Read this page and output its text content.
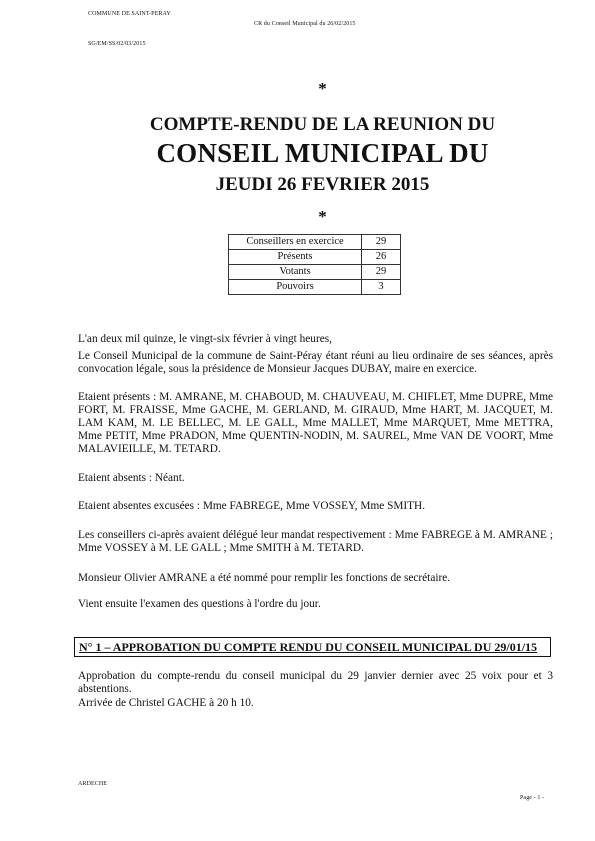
COMMUNE DE SAINT-PERAY
CR du Conseil Municipal du 26/02/2015
SG/EM/SS/02/03/2015
*
COMPTE-RENDU DE LA REUNION DU
CONSEIL MUNICIPAL DU
JEUDI 26 FEVRIER 2015
*
Conseillers en exercice	29
Présents	26
Votants	29
Pouvoirs	3
L'an deux mil quinze, le vingt-six février à vingt heures,
Le Conseil Municipal de la commune de Saint-Péray étant réuni au lieu ordinaire de ses séances, après convocation légale, sous la présidence de Monsieur Jacques DUBAY, maire en exercice.
Etaient présents : M. AMRANE, M. CHABOUD, M. CHAUVEAU, M. CHIFLET, Mme DUPRE, Mme FORT, M. FRAISSE, Mme GACHE, M. GERLAND, M. GIRAUD, Mme HART, M. JACQUET, M. LAM KAM, M. LE BELLEC, M. LE GALL, Mme MALLET, Mme MARQUET, Mme METTRA, Mme PETIT, Mme PRADON, Mme QUENTIN-NODIN, M. SAUREL, Mme VAN DE VOORT, Mme MALAVIEILLE, M. TETARD.
Etaient absents : Néant.
Etaient absentes excusées : Mme FABREGE, Mme VOSSEY, Mme SMITH.
Les conseillers ci-après avaient délégué leur mandat respectivement : Mme FABREGE à M. AMRANE ; Mme VOSSEY à M. LE GALL ; Mme SMITH à M. TETARD.
Monsieur Olivier AMRANE a été nommé pour remplir les fonctions de secrétaire.
Vient ensuite l'examen des questions à l'ordre du jour.
N° 1 – APPROBATION DU COMPTE RENDU DU CONSEIL MUNICIPAL DU 29/01/15
Approbation du compte-rendu du conseil municipal du 29 janvier dernier avec 25 voix pour et 3 abstentions.
Arrivée de Christel GACHE à 20 h 10.
ARDECHE
Page - 1 -
